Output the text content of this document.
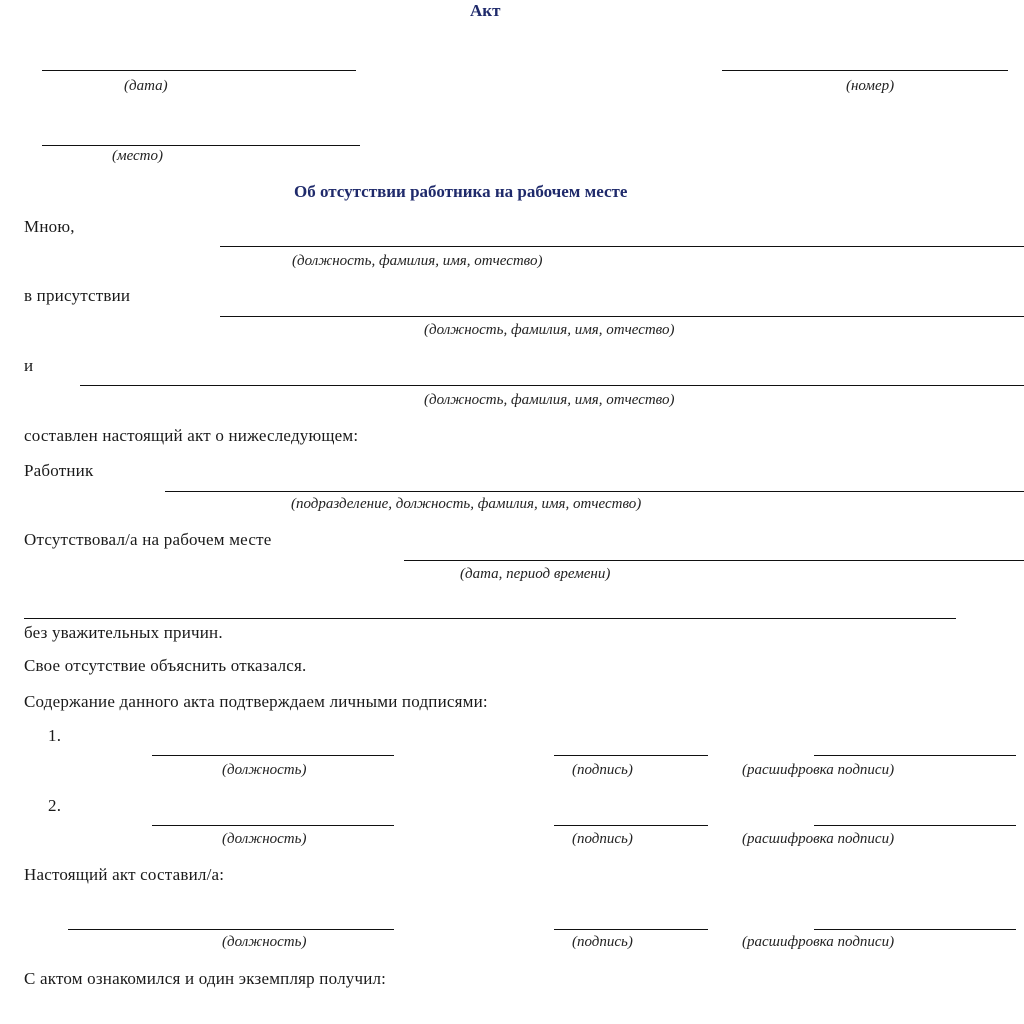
Акт
(дата)	(номер)
(место)
Об отсутствии работника на рабочем месте
Мною,
(должность, фамилия, имя, отчество)
в присутствии
(должность, фамилия, имя, отчество)
и
(должность, фамилия, имя, отчество)
составлен настоящий акт о нижеследующем:
Работник
(подразделение, должность, фамилия, имя, отчество)
Отсутствовал/а на рабочем месте
(дата, период времени)
без уважительных причин.
Свое отсутствие объяснить отказался.
Содержание данного акта подтверждаем личными подписями:
1.
(должность)	(подпись)	(расшифровка подписи)
2.
(должность)	(подпись)	(расшифровка подписи)
Настоящий акт составил/а:
(должность)	(подпись)	(расшифровка подписи)
С актом ознакомился и один экземпляр получил:
